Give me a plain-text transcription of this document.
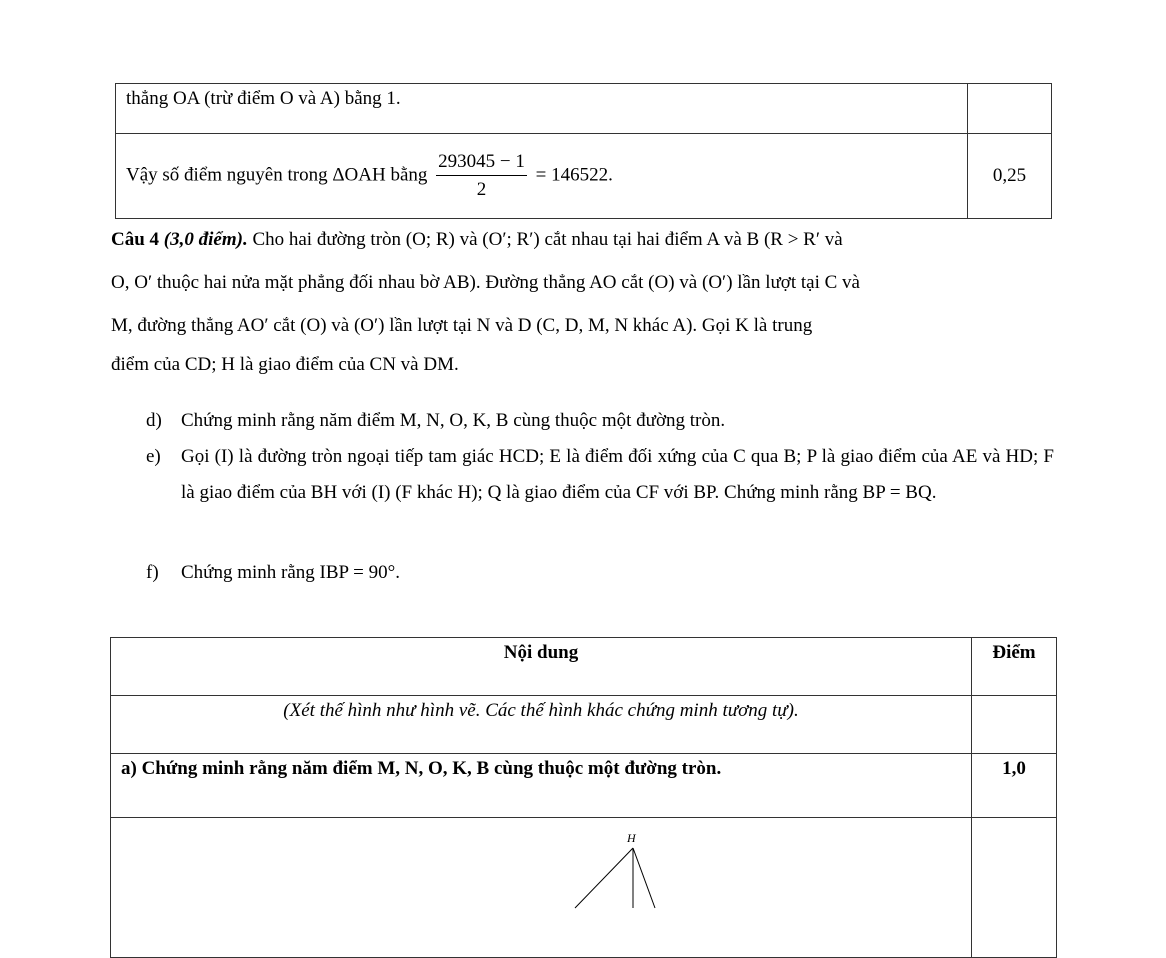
thẳng OA (trừ điểm O và A) bằng 1.	
Vậy số điểm nguyên trong ΔOAH bằng $\frac{293045 - 1}{2} = 146522$.	0,25
Câu 4 (3,0 điểm). Cho hai đường tròn (O; R) và (O′; R′) cắt nhau tại hai điểm A và B (R > R′ và
O, O′ thuộc hai nửa mặt phẳng đối nhau bờ AB). Đường thẳng AO cắt (O) và (O′) lần lượt tại C và
M, đường thẳng AO′ cắt (O) và (O′) lần lượt tại N và D (C, D, M, N khác A). Gọi K là trung
điểm của CD; H là giao điểm của CN và DM.
d) Chứng minh rằng năm điểm M, N, O, K, B cùng thuộc một đường tròn.
e) Gọi (I) là đường tròn ngoại tiếp tam giác HCD; E là điểm đối xứng của C qua B; P là giao điểm của AE và HD; F là giao điểm của BH với (I) (F khác H); Q là giao điểm của CF với BP. Chứng minh rằng BP = BQ.
f) Chứng minh rằng IBP = 90°.
Nội dung	Điểm
(Xét thế hình như hình vẽ. Các thế hình khác chứng minh tương tự).	
a) Chứng minh rằng năm điểm M, N, O, K, B cùng thuộc một đường tròn.	1,0

H	
